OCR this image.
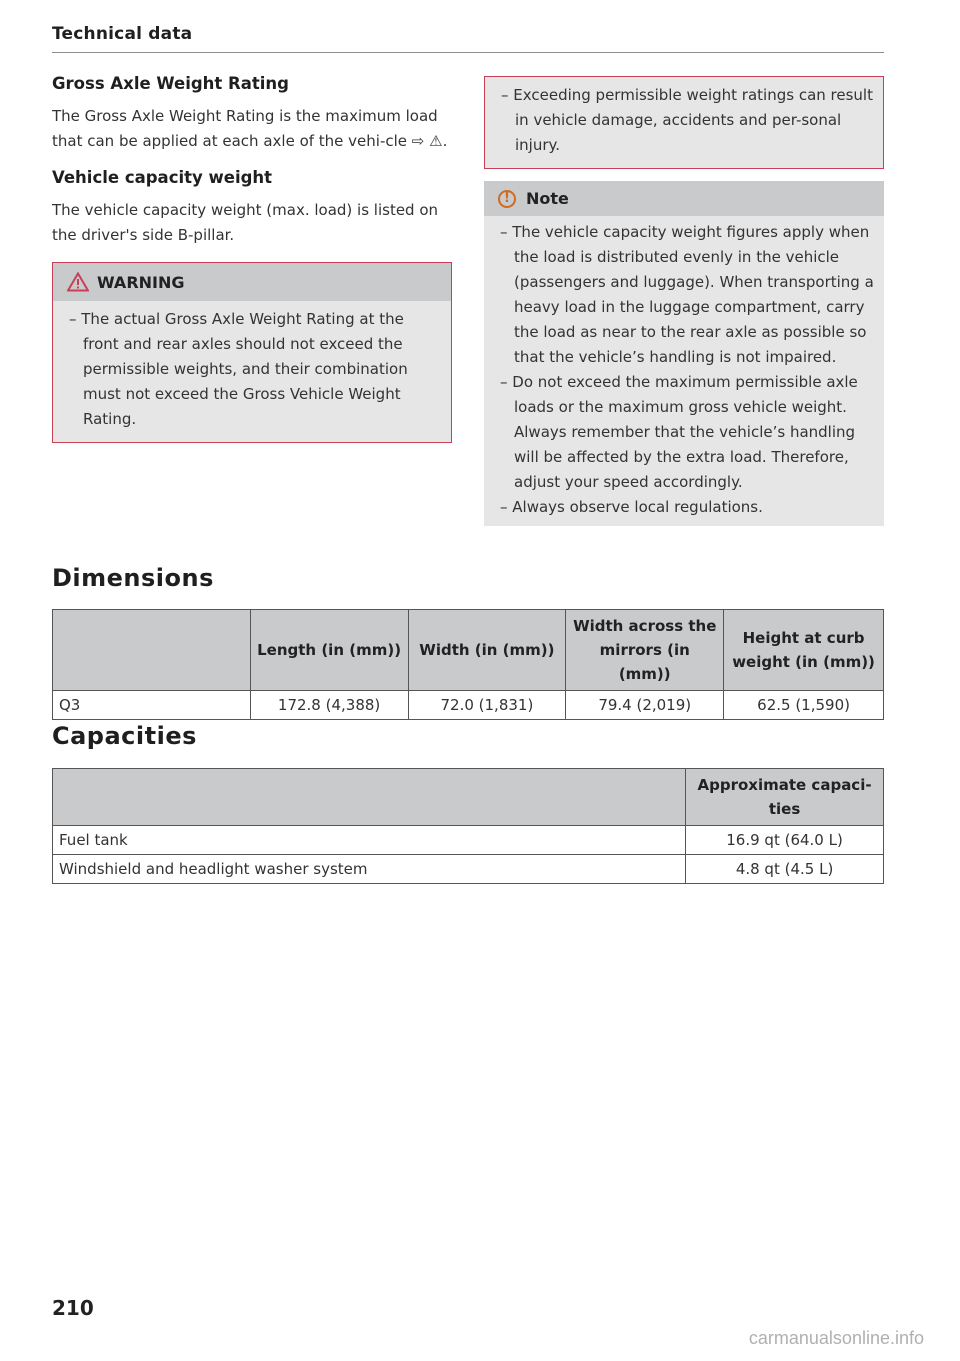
Technical data
Gross Axle Weight Rating

The Gross Axle Weight Rating is the maximum load that can be applied at each axle of the vehi-cle ⇨ ⚠.

Vehicle capacity weight

The vehicle capacity weight (max. load) is listed on the driver's side B-pillar.

WARNING

– The actual Gross Axle Weight Rating at the front and rear axles should not exceed the permissible weights, and their combination must not exceed the Gross Vehicle Weight Rating.

– Exceeding permissible weight ratings can result in vehicle damage, accidents and per-sonal injury.

!	Note

– The vehicle capacity weight figures apply when the load is distributed evenly in the vehicle (passengers and luggage). When transporting a heavy load in the luggage compartment, carry the load as near to the rear axle as possible so that the vehicle’s handling is not impaired.

– Do not exceed the maximum permissible axle loads or the maximum gross vehicle weight. Always remember that the vehicle’s handling will be affected by the extra load. Therefore, adjust your speed accordingly.

– Always observe local regulations.

Dimensions
	Length (in (mm))	Width (in (mm))	Width across the mirrors (in (mm))	Height at curb weight (in (mm))
Q3	172.8 (4,388)	72.0 (1,831)	79.4 (2,019)	62.5 (1,590)
Capacities
	Approximate capaci-ties
Fuel tank	16.9 qt (64.0 L)
Windshield and headlight washer system	4.8 qt (4.5 L)
210
carmanualsonline.info
